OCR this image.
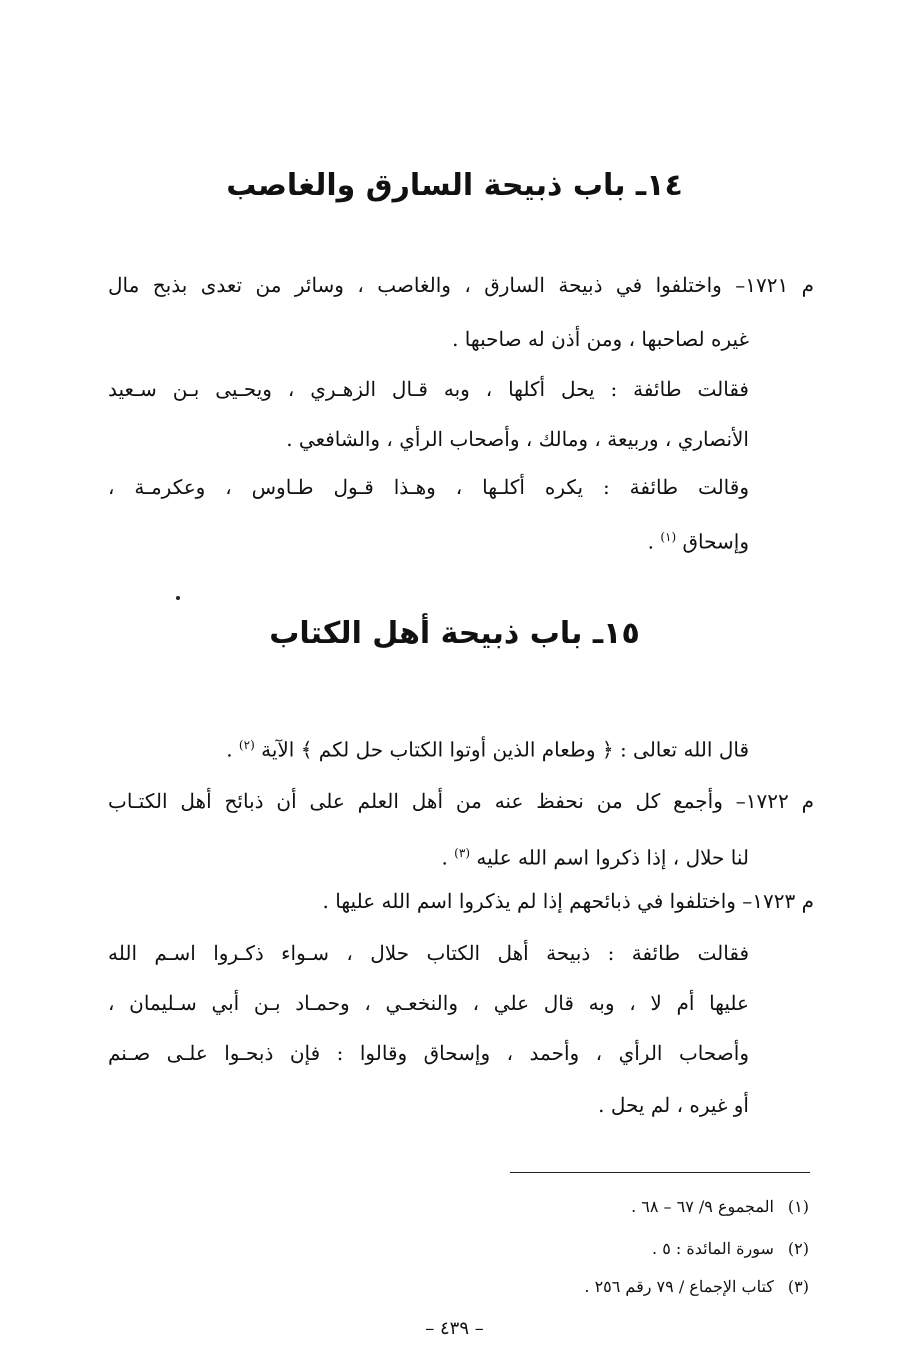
١٤ـ باب ذبيحة السارق والغاصب

م ١٧٢١– واختلفوا في ذبيحة السارق ، والغاصب ، وسائر من تعدى بذبح مال

غيره لصاحبها ، ومن أذن له صاحبها .

فقالت طائفة : يحل أكلها ، وبه قـال الزهـري ، ويحـيى بـن سـعيد

الأنصاري ، وربيعة ، ومالك ، وأصحاب الرأي ، والشافعي .

وقالت طائفة : يكره أكلـها ، وهـذا قـول طـاوس ، وعكرمـة ،

وإسحاق $^{(١)}$ .

١٥ـ باب ذبيحة أهل الكتاب

قال الله تعالى : ﴿ وطعام الذين أوتوا الكتاب حل لكم ﴾ الآية $^{(٢)}$ .

م ١٧٢٢– وأجمع كل من نحفظ عنه من أهل العلم على أن ذبائح أهل الكتـاب

لنا حلال ، إذا ذكروا اسم الله عليه $^{(٣)}$ .

م ١٧٢٣– واختلفوا في ذبائحهم إذا لم يذكروا اسم الله عليها .

فقالت طائفة : ذبيحة أهل الكتاب حلال ، سـواء ذكـروا اسـم الله

عليها أم لا ، وبه قال علي ، والنخعـي ، وحمـاد بـن أبي سـليمان ،

وأصحاب الرأي ، وأحمد ، وإسحاق وقالوا : فإن ذبحـوا علـى صـنم

أو غيره ، لم يحل .

(١) المجموع ٩/ ٦٧ – ٦٨ .
(٢) سورة المائدة : ٥ .
(٣) كتاب الإجماع / ٧٩ رقم ٢٥٦ .
– ٤٣٩ –
